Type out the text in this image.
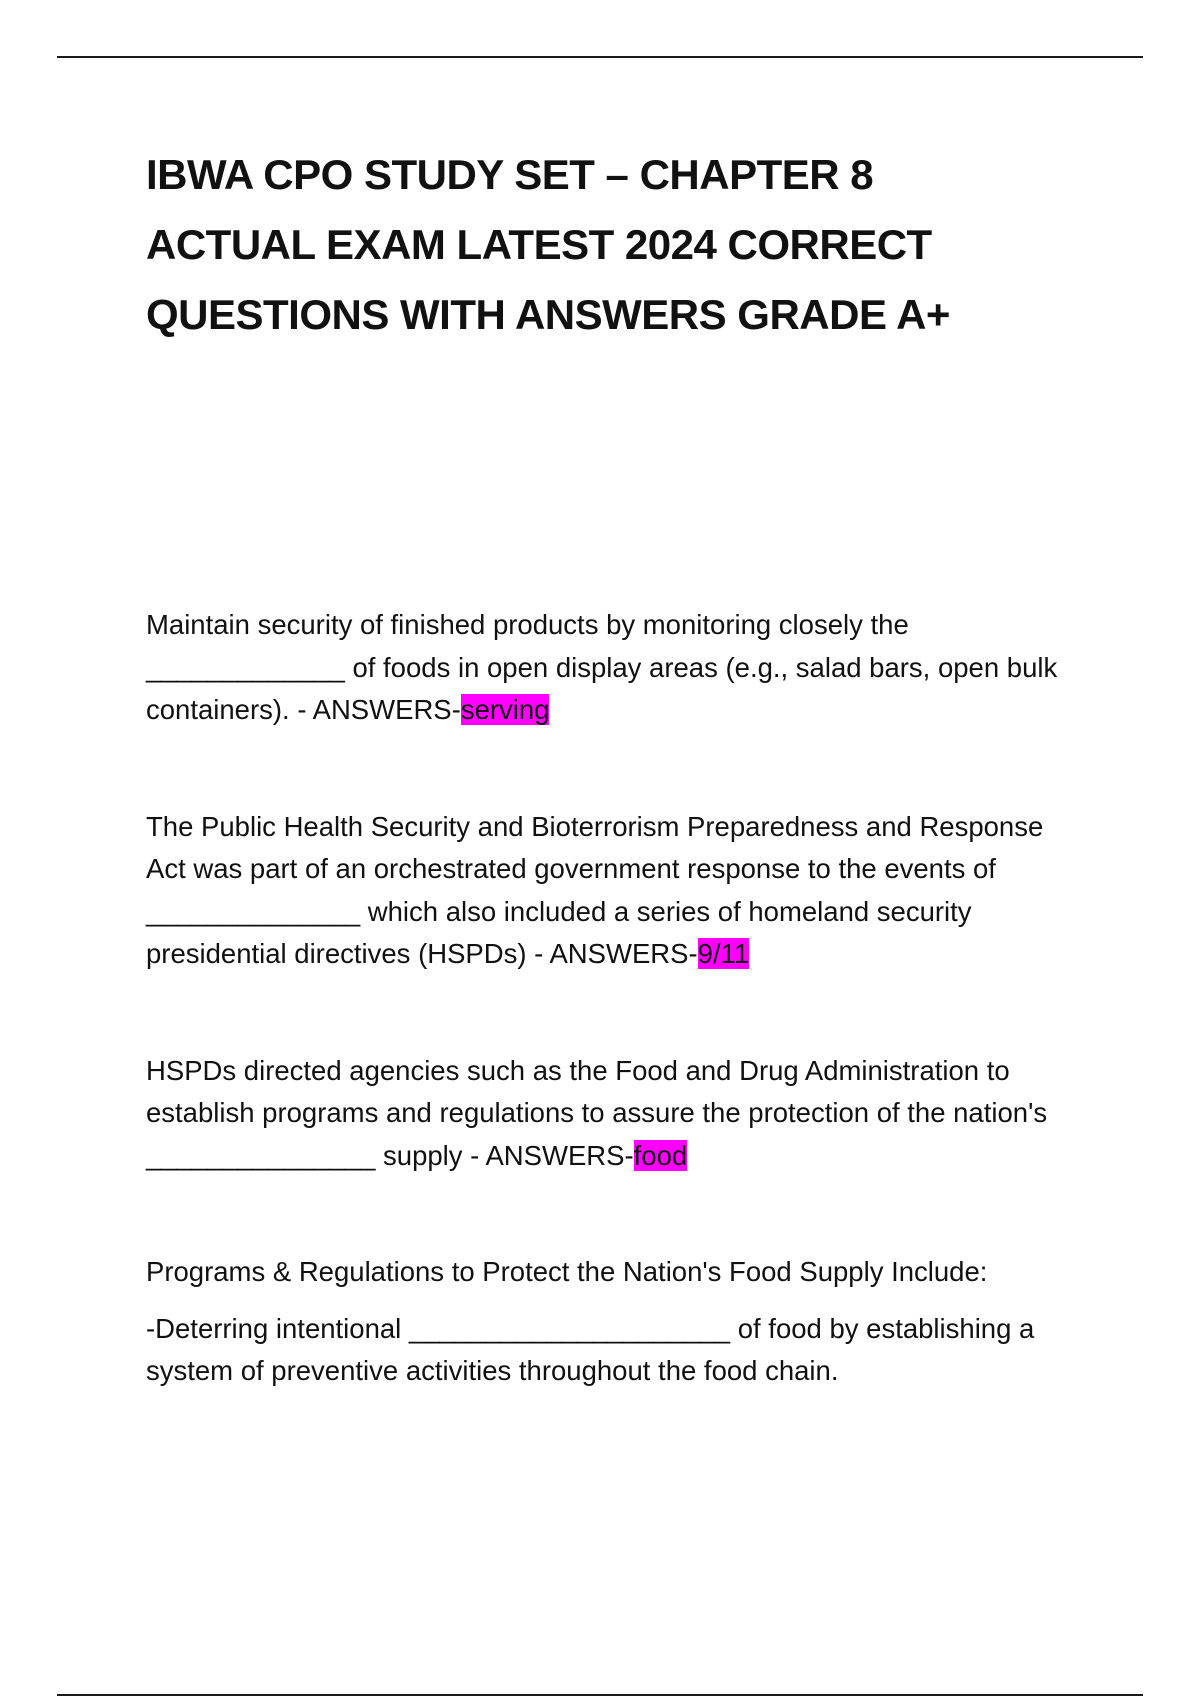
IBWA CPO STUDY SET – CHAPTER 8
ACTUAL EXAM LATEST 2024 CORRECT
QUESTIONS WITH ANSWERS GRADE A+

Maintain security of finished products by monitoring closely the _____________ of foods in open display areas (e.g., salad bars, open bulk containers). - ANSWERS-serving

The Public Health Security and Bioterrorism Preparedness and Response Act was part of an orchestrated government response to the events of ______________ which also included a series of homeland security presidential directives (HSPDs) - ANSWERS-9/11

HSPDs directed agencies such as the Food and Drug Administration to establish programs and regulations to assure the protection of the nation's _______________ supply - ANSWERS-food

Programs & Regulations to Protect the Nation's Food Supply Include:

-Deterring intentional _____________________ of food by establishing a system of preventive activities throughout the food chain.
